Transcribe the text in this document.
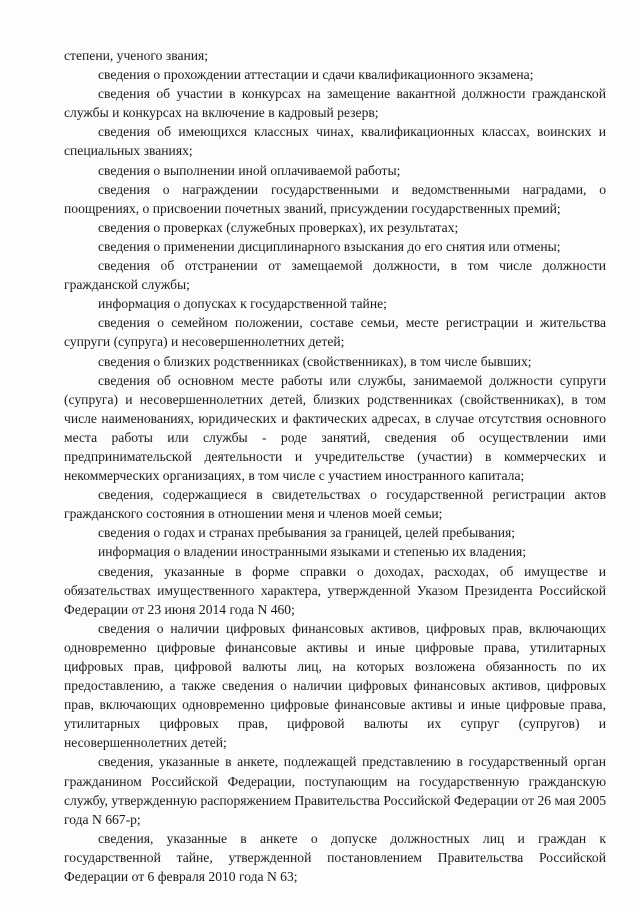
степени, ученого звания;

сведения о прохождении аттестации и сдачи квалификационного экзамена;

сведения об участии в конкурсах на замещение вакантной должности гражданской службы и конкурсах на включение в кадровый резерв;

сведения об имеющихся классных чинах, квалификационных классах, воинских и специальных званиях;

сведения о выполнении иной оплачиваемой работы;

сведения о награждении государственными и ведомственными наградами, о поощрениях, о присвоении почетных званий, присуждении государственных премий;

сведения о проверках (служебных проверках), их результатах;

сведения о применении дисциплинарного взыскания до его снятия или отмены;

сведения об отстранении от замещаемой должности, в том числе должности гражданской службы;

информация о допусках к государственной тайне;

сведения о семейном положении, составе семьи, месте регистрации и жительства супруги (супруга) и несовершеннолетних детей;

сведения о близких родственниках (свойственниках), в том числе бывших;

сведения об основном месте работы или службы, занимаемой должности супруги (супруга) и несовершеннолетних детей, близких родственниках (свойственниках), в том числе наименованиях, юридических и фактических адресах, в случае отсутствия основного места работы или службы - роде занятий, сведения об осуществлении ими предпринимательской деятельности и учредительстве (участии) в коммерческих и некоммерческих организациях, в том числе с участием иностранного капитала;

сведения, содержащиеся в свидетельствах о государственной регистрации актов гражданского состояния в отношении меня и членов моей семьи;

сведения о годах и странах пребывания за границей, целей пребывания;

информация о владении иностранными языками и степенью их владения;

сведения, указанные в форме справки о доходах, расходах, об имуществе и обязательствах имущественного характера, утвержденной Указом Президента Российской Федерации от 23 июня 2014 года N 460;

сведения о наличии цифровых финансовых активов, цифровых прав, включающих одновременно цифровые финансовые активы и иные цифровые права, утилитарных цифровых прав, цифровой валюты лиц, на которых возложена обязанность по их предоставлению, а также сведения о наличии цифровых финансовых активов, цифровых прав, включающих одновременно цифровые финансовые активы и иные цифровые права, утилитарных цифровых прав, цифровой валюты их супруг (супругов) и несовершеннолетних детей;

сведения, указанные в анкете, подлежащей представлению в государственный орган гражданином Российской Федерации, поступающим на государственную гражданскую службу, утвержденную распоряжением Правительства Российской Федерации от 26 мая 2005 года N 667-р;

сведения, указанные в анкете о допуске должностных лиц и граждан к государственной тайне, утвержденной постановлением Правительства Российской Федерации от 6 февраля 2010 года N 63;
